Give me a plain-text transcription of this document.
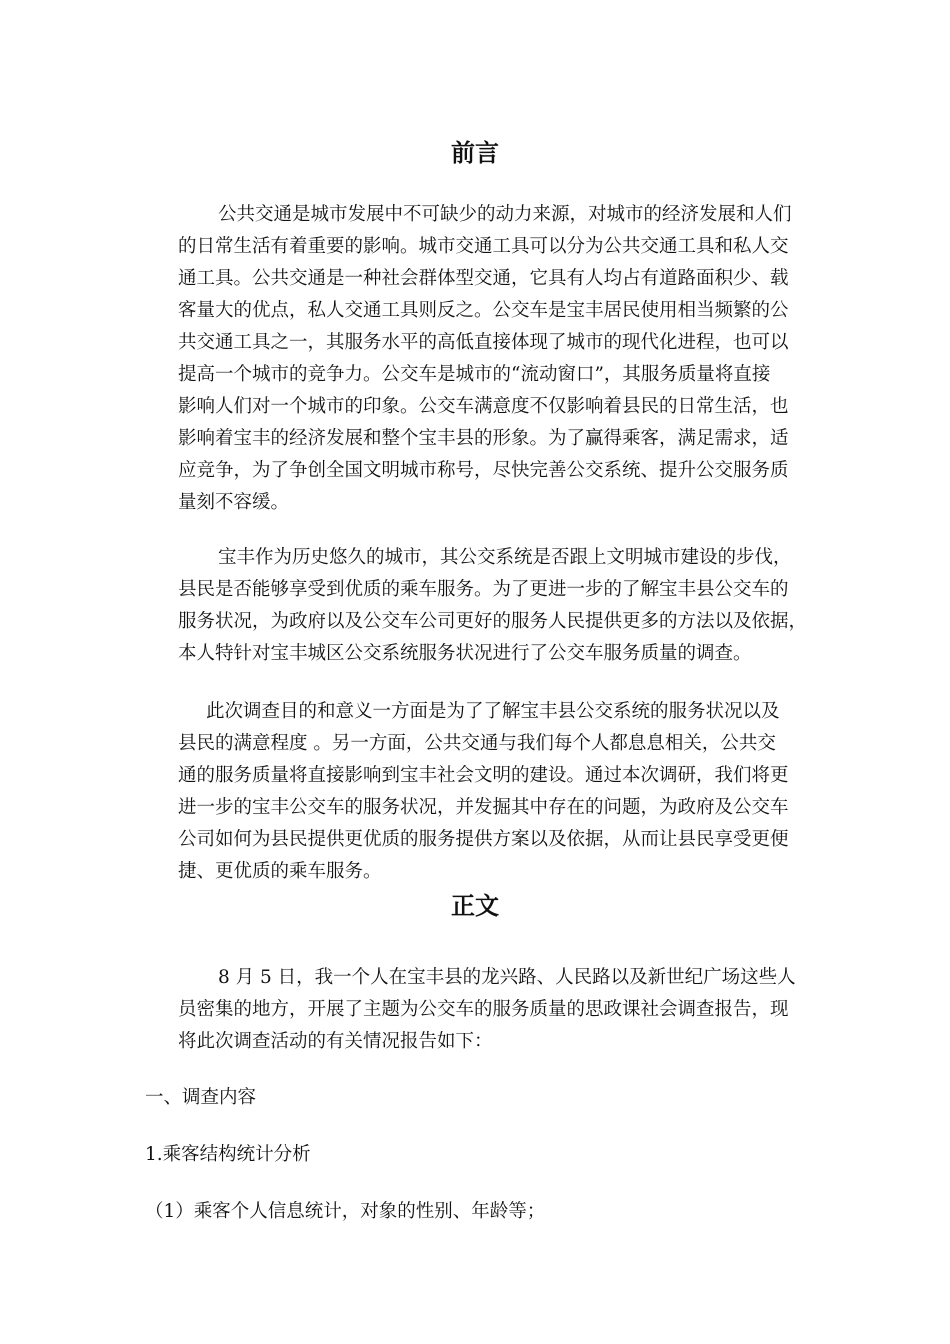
前言

公共交通是城市发展中不可缺少的动力来源，对城市的经济发展和人们

的日常生活有着重要的影响。城市交通工具可以分为公共交通工具和私人交

通工具。公共交通是一种社会群体型交通，它具有人均占有道路面积少、载

客量大的优点，私人交通工具则反之。公交车是宝丰居民使用相当频繁的公

共交通工具之一，其服务水平的高低直接体现了城市的现代化进程，也可以

提高一个城市的竞争力。公交车是城市的“流动窗口”，其服务质量将直接

影响人们对一个城市的印象。公交车满意度不仅影响着县民的日常生活，也

影响着宝丰的经济发展和整个宝丰县的形象。为了赢得乘客，满足需求，适

应竞争，为了争创全国文明城市称号，尽快完善公交系统、提升公交服务质

量刻不容缓。

宝丰作为历史悠久的城市，其公交系统是否跟上文明城市建设的步伐，

县民是否能够享受到优质的乘车服务。为了更进一步的了解宝丰县公交车的

服务状况，为政府以及公交车公司更好的服务人民提供更多的方法以及依据，

本人特针对宝丰城区公交系统服务状况进行了公交车服务质量的调查。

此次调查目的和意义一方面是为了了解宝丰县公交系统的服务状况以及

县民的满意程度 。另一方面，公共交通与我们每个人都息息相关，公共交

通的服务质量将直接影响到宝丰社会文明的建设。通过本次调研，我们将更

进一步的宝丰公交车的服务状况，并发掘其中存在的问题，为政府及公交车

公司如何为县民提供更优质的服务提供方案以及依据，从而让县民享受更便

捷、更优质的乘车服务。

正文

8 月 5 日，我一个人在宝丰县的龙兴路、人民路以及新世纪广场这些人

员密集的地方，开展了主题为公交车的服务质量的思政课社会调查报告，现

将此次调查活动的有关情况报告如下：

一、调查内容

1.乘客结构统计分析

（1）乘客个人信息统计，对象的性别、年龄等；
